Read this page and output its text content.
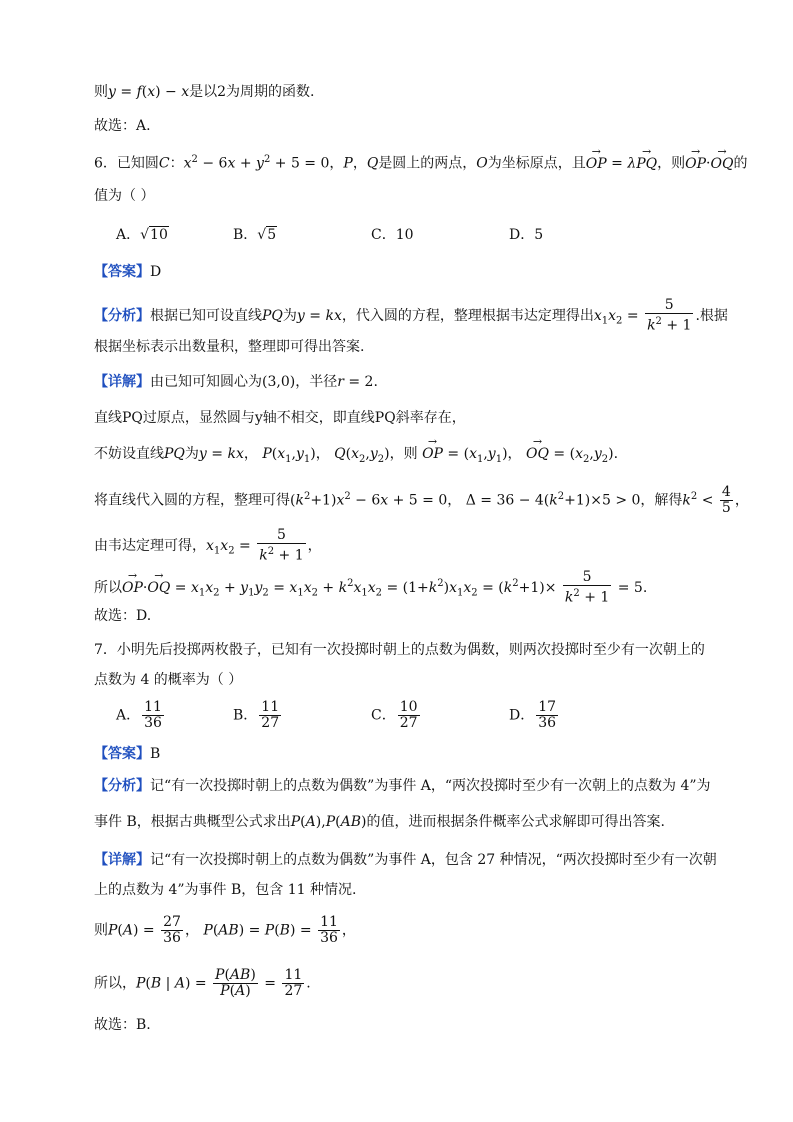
则y = f(x) − x是以2为周期的函数.
故选：A.
6．已知圆C：$x^2 - 6x + y^2 + 5 = 0$，P，Q是圆上的两点，O为坐标原点，且→ OP = λ→ PQ，则→ OP·→ OQ的
值为（ ）
A．√10	B．√5	C．10	D．5
【答案】D
【分析】根据已知可设直线PQ为y = kx，代入圆的方程，整理根据韦达定理得出$x_1x_2 = \frac{5}{k^2 + 1}$ .根据
根据坐标表示出数量积，整理即可得出答案.
【详解】由已知可知圆心为(3,0)，半径r = 2.
直线PQ过原点，显然圆与y轴不相交，即直线PQ斜率存在，
不妨设直线PQ为y = kx， $P(x_1,y_1)$， $Q(x_2,y_2)$，则 → OP = $(x_1,y_1)$， → OQ = $(x_2,y_2)$.
将直线代入圆的方程，整理可得$(k^2+1)x^2 - 6x + 5 = 0$， $\Delta = 36 - 4(k^2+1)\times 5 > 0$，解得$k^2 < \frac{4}{5}$ ，
由韦达定理可得，$x_1x_2 = \frac{5}{k^2 + 1}$ ，
所以→ OP·→ OQ = $x_1x_2 + y_1y_2 = x_1x_2 + k^2x_1x_2 = (1+k^2)x_1x_2 = (k^2+1)\times \frac{5}{k^2 + 1} = 5$.
故选：D.
7．小明先后投掷两枚骰子，已知有一次投掷时朝上的点数为偶数，则两次投掷时至少有一次朝上的
点数为 4 的概率为（ ）
A． $\frac{11}{36}$	B． $\frac{11}{27}$	C． $\frac{10}{27}$	D． $\frac{17}{36}$
【答案】B
【分析】记“有一次投掷时朝上的点数为偶数”为事件 A，“两次投掷时至少有一次朝上的点数为 4”为
事件 B，根据古典概型公式求出P(A),P(AB)的值，进而根据条件概率公式求解即可得出答案.
【详解】记“有一次投掷时朝上的点数为偶数”为事件 A，包含 27 种情况，“两次投掷时至少有一次朝
上的点数为 4”为事件 B，包含 11 种情况.
则$P(A) = \frac{27}{36}$ ， $P(AB) = P(B) = \frac{11}{36}$ ，
所以，P(B | $A) = \frac{P(AB)}{P(A)} = \frac{11}{27}$ .
故选：B.
